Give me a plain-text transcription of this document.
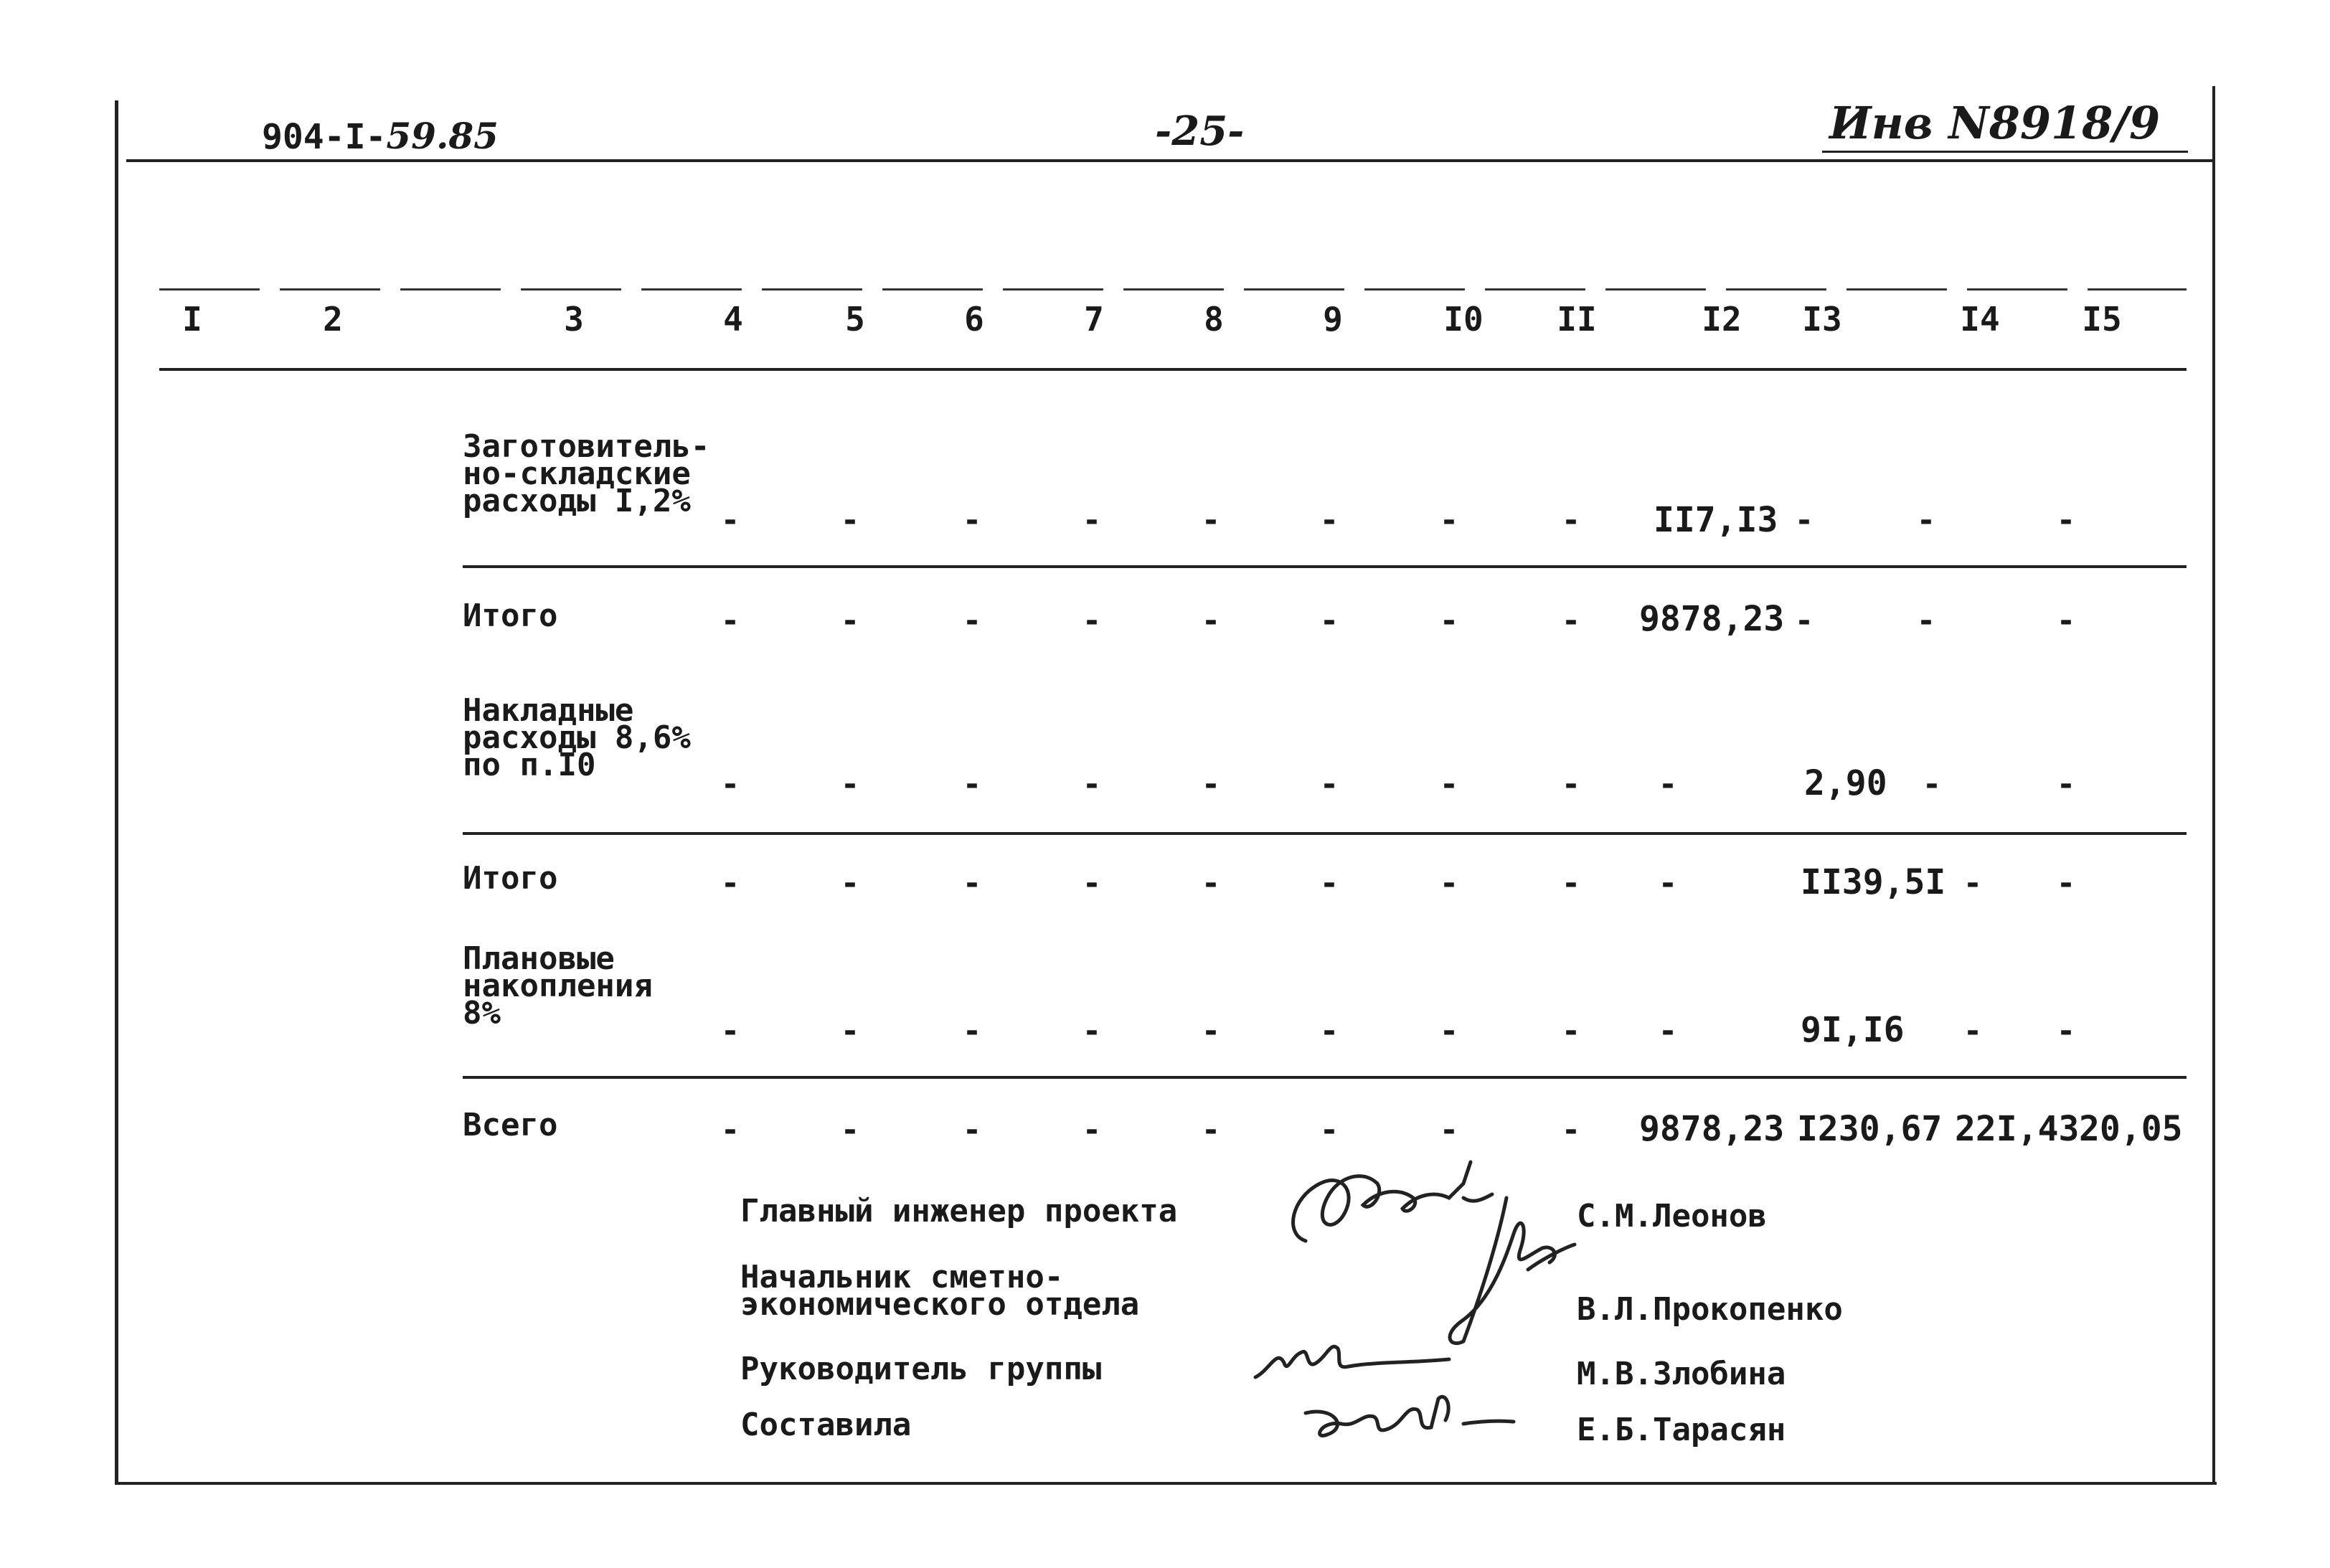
904-I-59.85	-25-	Инв N8918/9
I	2	3	4	5	6	7	8	9	I0 II	I2 I3	I4 I5
Заготовитель-
но-складские
расходы I,2%
-	-	-	-	-	-	-	- II7,I3 -	-	-
Итого	-	-	-	-	-	-	-	- 9878,23 -	-	-
Накладные
расходы 8,6%
по п.I0
-	-	-	-	-	-	-	- -	2,90 -	-
Итого	-	-	-	-	-	-	-	- -	II39,5I - -
Плановые
накопления
8%	-	-	-	-	-	-	-	- -	9I,I6 - -
Всего	-	-	-	-	-	-	-	- 9878,23 I230,67 22I,43 20,05
Главный инженер проекта	С.М.Леонов
Начальник сметно-
экономического отдела	В.Л.Прокопенко
Руководитель группы	М.В.Злобина
Составила	Е.Б.Тарасян
